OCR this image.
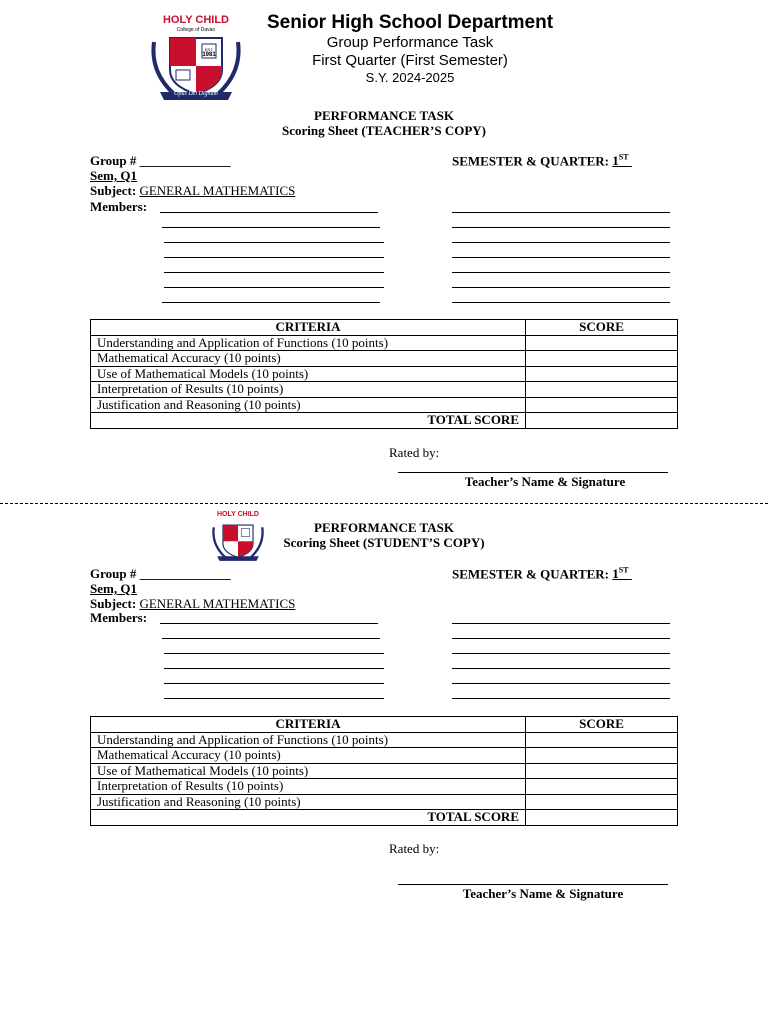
HOLY CHILD
College of Davao
EST.
1981
Opus Dei Dignum
Senior High School Department
Group Performance Task
First Quarter (First Semester)
S.Y. 2024-2025
PERFORMANCE TASK
Scoring Sheet (TEACHER’S COPY)
Group # ______________	SEMESTER & QUARTER: 1ST
Sem, Q1
Subject: GENERAL MATHEMATICS
Members:
CRITERIA	SCORE
Understanding and Application of Functions (10 points)	
Mathematical Accuracy (10 points)	
Use of Mathematical Models (10 points)	
Interpretation of Results (10 points)	
Justification and Reasoning (10 points)	
TOTAL SCORE	
Rated by:
Teacher’s Name & Signature
HOLY CHILD
PERFORMANCE TASK
Scoring Sheet (STUDENT’S COPY)
Group # ______________	SEMESTER & QUARTER: 1ST
Sem, Q1
Subject: GENERAL MATHEMATICS
Members:
CRITERIA	SCORE
Understanding and Application of Functions (10 points)	
Mathematical Accuracy (10 points)	
Use of Mathematical Models (10 points)	
Interpretation of Results (10 points)	
Justification and Reasoning (10 points)	
TOTAL SCORE	
Rated by:
Teacher’s Name & Signature
